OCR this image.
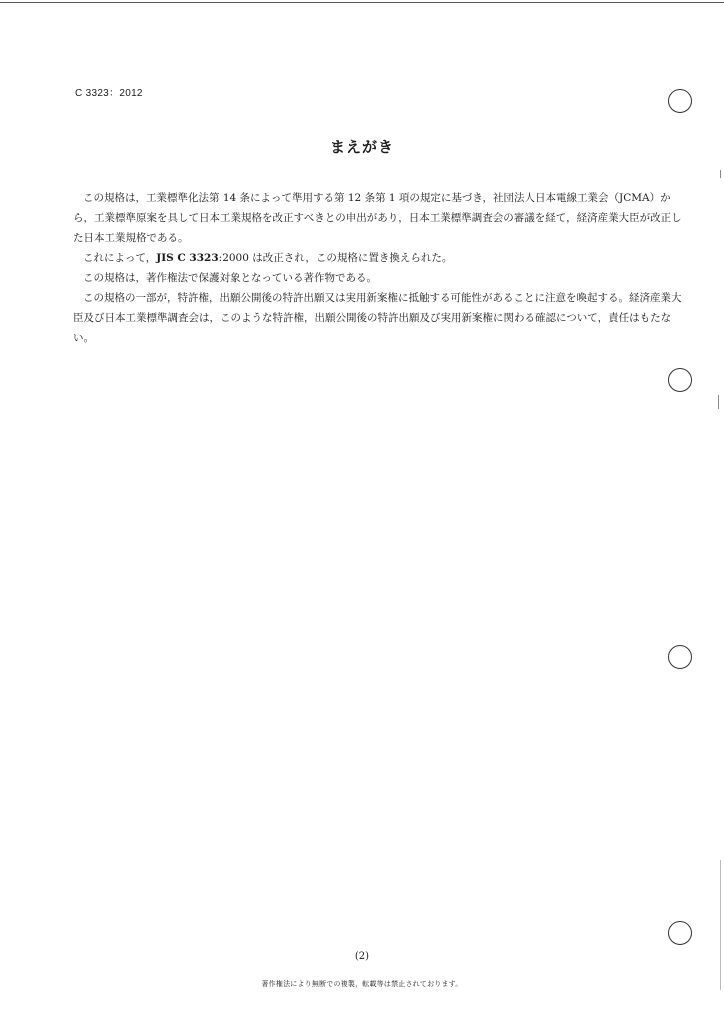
C 3323：2012
まえがき

この規格は，工業標準化法第 14 条によって準用する第 12 条第 1 項の規定に基づき，社団法人日本電線工業会（JCMA）から，工業標準原案を具して日本工業規格を改正すべきとの申出があり，日本工業標準調査会の審議を経て，経済産業大臣が改正した日本工業規格である。

これによって，JIS C 3323:2000 は改正され，この規格に置き換えられた。

この規格は，著作権法で保護対象となっている著作物である。

この規格の一部が，特許権，出願公開後の特許出願又は実用新案権に抵触する可能性があることに注意を喚起する。経済産業大臣及び日本工業標準調査会は，このような特許権，出願公開後の特許出願及び実用新案権に関わる確認について，責任はもたない。

(2)
著作権法により無断での複製，転載等は禁止されております。
